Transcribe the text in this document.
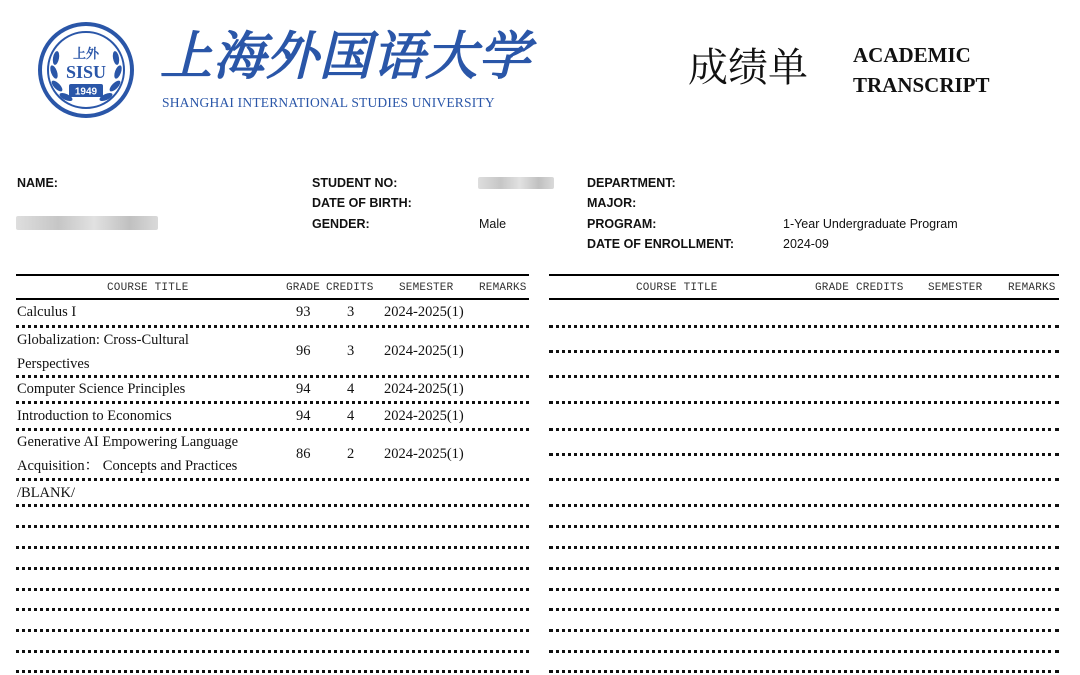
上外
SISU
1949
上海外国语大学
SHANGHAI INTERNATIONAL STUDIES UNIVERSITY
成绩单 ACADEMIC
TRANSCRIPT
NAME:	STUDENT NO:
DATE OF BIRTH:
GENDER:	Male
DEPARTMENT:
MAJOR:
PROGRAM:	1-Year Undergraduate Program
DATE OF ENROLLMENT:	2024-09
COURSE TITLE	GRADE CREDITS SEMESTER REMARKS
Calculus I	93	3 2024-2025(1)
Globalization: Cross-Cultural
Perspectives
96	3 2024-2025(1)
Computer Science Principles	94	4 2024-2025(1)
Introduction to Economics	94	4 2024-2025(1)
Generative AI Empowering Language
Acquisition： Concepts and Practices
86	2 2024-2025(1)
/BLANK/
COURSE TITLE	GRADE CREDITS SEMESTER REMARKS
